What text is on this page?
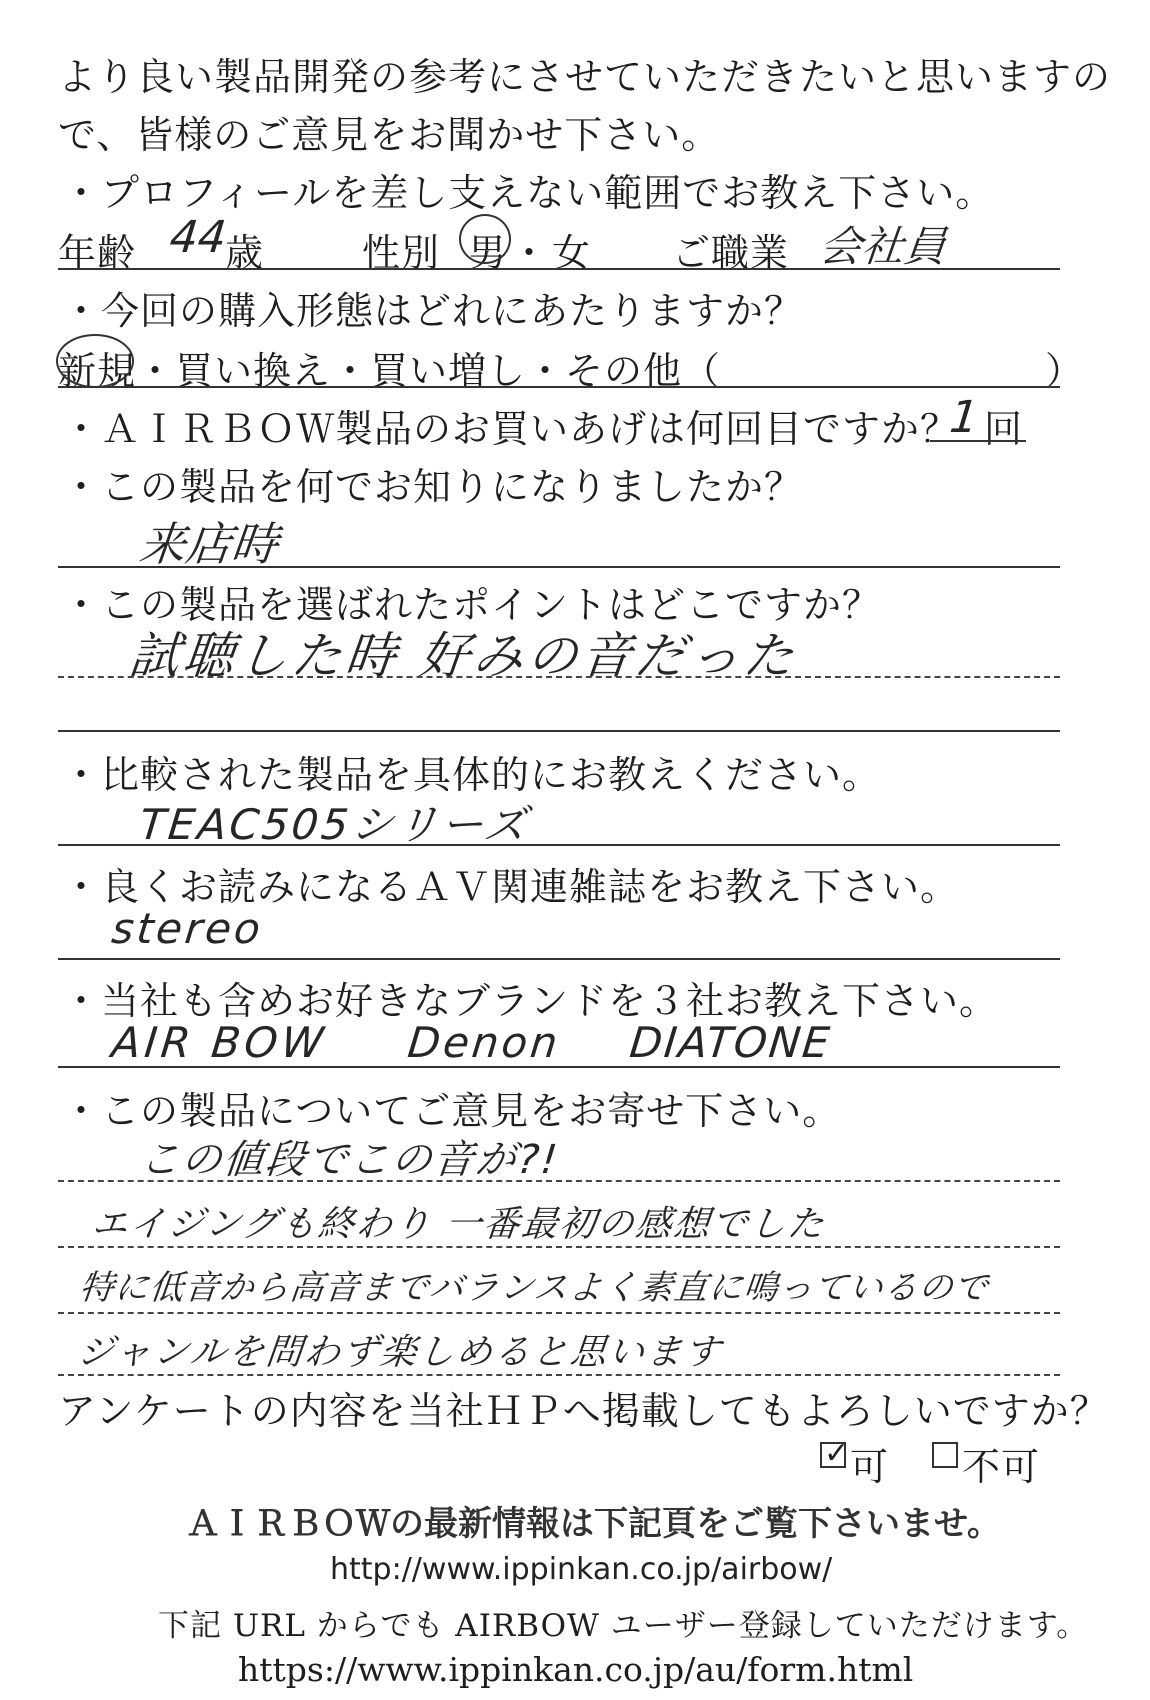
より良い製品開発の参考にさせていただきたいと思いますの
で、皆様のご意見をお聞かせ下さい。
・プロフィールを差し支えない範囲でお教え下さい。
年齢 44
歳	性別 男 ・ 女 ご職業 会社員
・今回の購入形態はどれにあたりますか？
新規・買い換え・買い増し・その他（	）
・ＡＩＲＢＯＷ製品のお買いあげは何回目ですか？
1 回
・この製品を何でお知りになりましたか？
来店時
・この製品を選ばれたポイントはどこですか？
試聴した時 好みの音だった
・比較された製品を具体的にお教えください。
TEAC505シリーズ
・良くお読みになるＡＶ関連雑誌をお教え下さい。
stereo
・当社も含めお好きなブランドを３社お教え下さい。
AIR BOW Denon DIATONE
・この製品についてご意見をお寄せ下さい。
この値段でこの音が?!
エイジングも終わり 一番最初の感想でした
特に低音から高音までバランスよく素直に鳴っているので
ジャンルを問わず楽しめると思います
アンケートの内容を当社ＨＰへ掲載してもよろしいですか？
✓ 可 不可
ＡＩＲＢＯＷの最新情報は下記頁をご覧下さいませ。
http://www.ippinkan.co.jp/airbow/
下記 URL からでも AIRBOW ユーザー登録していただけます。
https://www.ippinkan.co.jp/au/form.html
